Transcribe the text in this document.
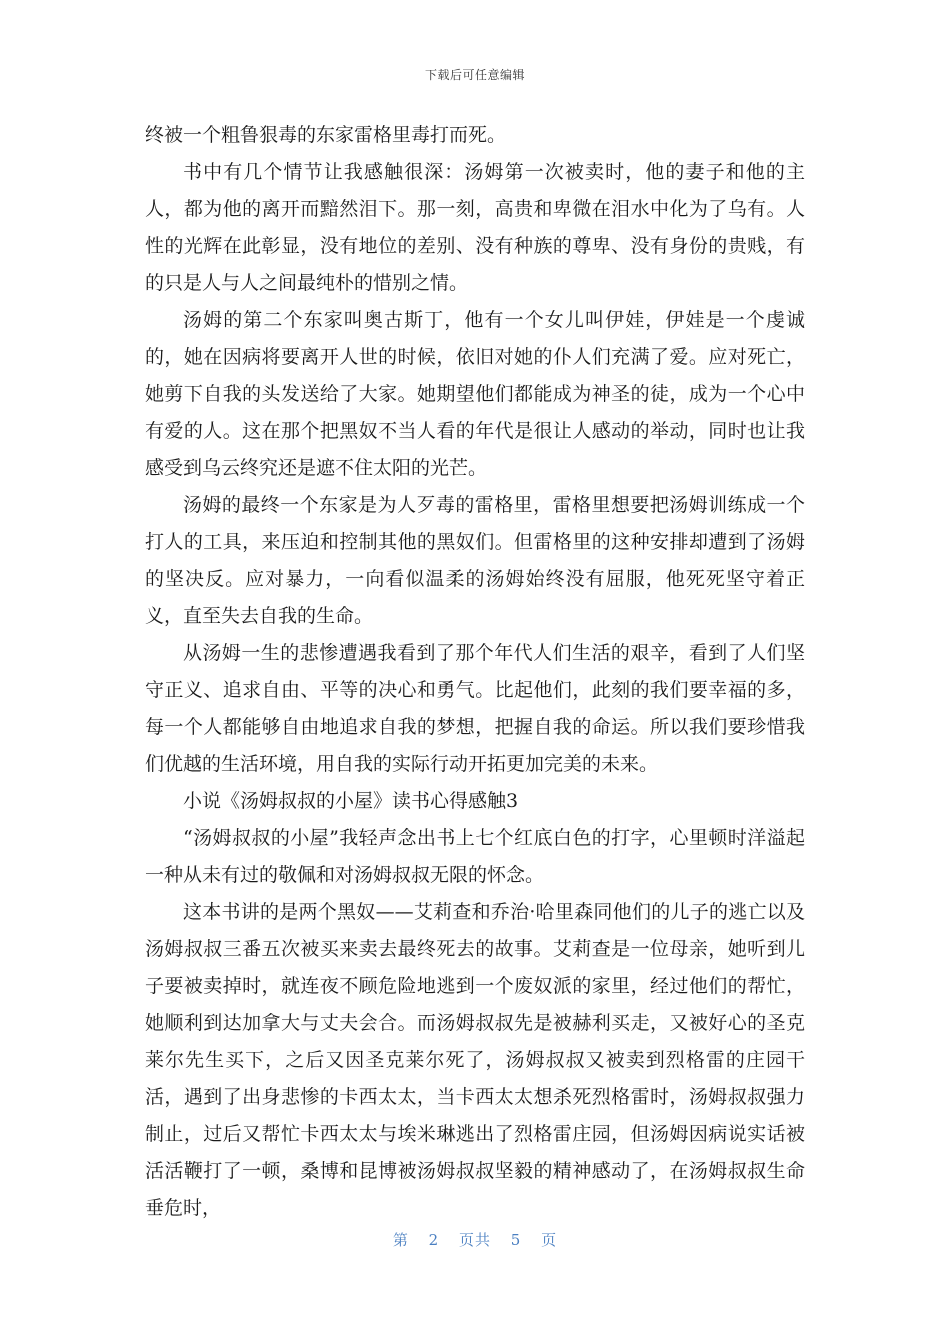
下载后可任意编辑

终被一个粗鲁狠毒的东家雷格里毒打而死。

书中有几个情节让我感触很深：汤姆第一次被卖时，他的妻子和他的主人，都为他的离开而黯然泪下。那一刻，高贵和卑微在泪水中化为了乌有。人性的光辉在此彰显，没有地位的差别、没有种族的尊卑、没有身份的贵贱，有的只是人与人之间最纯朴的惜别之情。

汤姆的第二个东家叫奥古斯丁，他有一个女儿叫伊娃，伊娃是一个虔诚的，她在因病将要离开人世的时候，依旧对她的仆人们充满了爱。应对死亡，她剪下自我的头发送给了大家。她期望他们都能成为神圣的徒，成为一个心中有爱的人。这在那个把黑奴不当人看的年代是很让人感动的举动，同时也让我感受到乌云终究还是遮不住太阳的光芒。

汤姆的最终一个东家是为人歹毒的雷格里，雷格里想要把汤姆训练成一个打人的工具，来压迫和控制其他的黑奴们。但雷格里的这种安排却遭到了汤姆的坚决反。应对暴力，一向看似温柔的汤姆始终没有屈服，他死死坚守着正义，直至失去自我的生命。

从汤姆一生的悲惨遭遇我看到了那个年代人们生活的艰辛，看到了人们坚守正义、追求自由、平等的决心和勇气。比起他们，此刻的我们要幸福的多，每一个人都能够自由地追求自我的梦想，把握自我的命运。所以我们要珍惜我们优越的生活环境，用自我的实际行动开拓更加完美的未来。

小说《汤姆叔叔的小屋》读书心得感触3

“汤姆叔叔的小屋”我轻声念出书上七个红底白色的打字，心里顿时洋溢起一种从未有过的敬佩和对汤姆叔叔无限的怀念。

这本书讲的是两个黑奴——艾莉查和乔治·哈里森同他们的儿子的逃亡以及汤姆叔叔三番五次被买来卖去最终死去的故事。艾莉查是一位母亲，她听到儿子要被卖掉时，就连夜不顾危险地逃到一个废奴派的家里，经过他们的帮忙，她顺利到达加拿大与丈夫会合。而汤姆叔叔先是被赫利买走，又被好心的圣克莱尔先生买下，之后又因圣克莱尔死了，汤姆叔叔又被卖到烈格雷的庄园干活，遇到了出身悲惨的卡西太太，当卡西太太想杀死烈格雷时，汤姆叔叔强力制止，过后又帮忙卡西太太与埃米琳逃出了烈格雷庄园，但汤姆因病说实话被活活鞭打了一顿，桑博和昆博被汤姆叔叔坚毅的精神感动了，在汤姆叔叔生命垂危时，

第 2 页共 5 页
